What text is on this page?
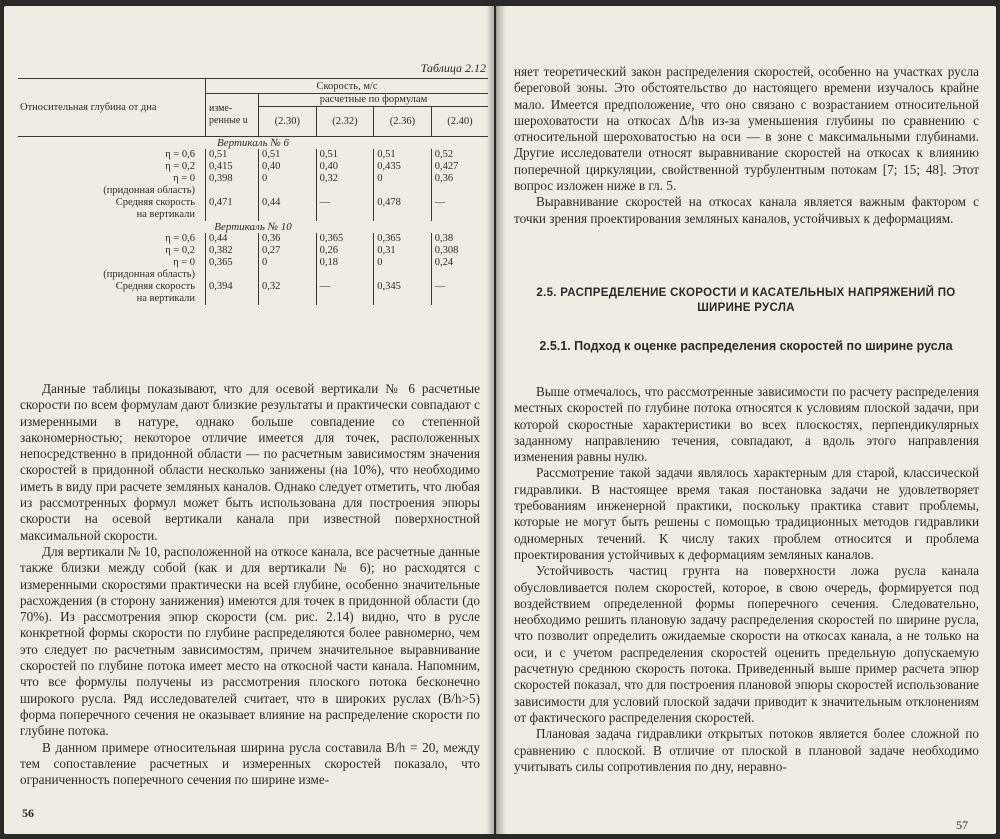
Таблица 2.12
Относительная глубина от дна	Скорость, м/с				
	изме-ренные u	расчетные по формулам			
		(2.30)	(2.32)	(2.36)	(2.40)
Вертикаль № 6					
η = 0,6	0,51	0,51	0,51	0,51	0,52
η = 0,2	0,415	0,40	0,40	0,435	0,427
η = 0	0,398	0	0,32	0	0,36
(придонная область)					
Средняя скорость	0,471	0,44	—	0,478	—
на вертикали					
Вертикаль № 10					
η = 0,6	0,44	0,36	0,365	0,365	0,38
η = 0,2	0,382	0,27	0,26	0,31	0,308
η = 0	0,365	0	0,18	0	0,24
(придонная область)					
Средняя скорость	0,394	0,32	—	0,345	—
на вертикали					

Данные таблицы показывают, что для осевой вертикали № 6 расчетные скорости по всем формулам дают близкие результаты и практически совпадают с измеренными в натуре, однако больше совпадение со степенной закономерностью; некоторое отличие имеется для точек, расположенных непосредственно в придонной области — по расчетным зависимостям значения скоростей в придонной области несколько занижены (на 10%), что необходимо иметь в виду при расчете земляных каналов. Однако следует отметить, что любая из рассмотренных формул может быть использована для построения эпюры скорости на осевой вертикали канала при известной поверхностной максимальной скорости.

Для вертикали № 10, расположенной на откосе канала, все расчетные данные также близки между собой (как и для вертикали № 6); но расходятся с измеренными скоростями практически на всей глубине, особенно значительные расхождения (в сторону занижения) имеются для точек в придонной области (до 70%). Из рассмотрения эпюр скорости (см. рис. 2.14) видно, что в русле конкретной формы скорости по глубине распределяются более равномерно, чем это следует по расчетным зависимостям, причем значительное выравнивание скоростей по глубине потока имеет место на откосной части канала. Напомним, что все формулы получены из рассмотрения плоского потока бесконечно широкого русла. Ряд исследователей считает, что в широких руслах (B/h>5) форма поперечного сечения не оказывает влияние на распределение скорости по глубине потока.

В данном примере относительная ширина русла составила B/h = 20, между тем сопоставление расчетных и измеренных скоростей показало, что ограниченность поперечного сечения по ширине изме-

56

няет теоретический закон распределения скоростей, особенно на участках русла береговой зоны. Это обстоятельство до настоящего времени изучалось крайне мало. Имеется предположение, что оно связано с возрастанием относительной шероховатости на откосах Δ/hв из-за уменьшения глубины по сравнению с относительной шероховатостью на оси — в зоне с максимальными глубинами. Другие исследователи относят выравнивание скоростей на откосах к влиянию поперечной циркуляции, свойственной турбулентным потокам [7; 15; 48]. Этот вопрос изложен ниже в гл. 5.

Выравнивание скоростей на откосах канала является важным фактором с точки зрения проектирования земляных каналов, устойчивых к деформациям.

2.5. РАСПРЕДЕЛЕНИЕ СКОРОСТИ И КАСАТЕЛЬНЫХ НАПРЯЖЕНИЙ ПО ШИРИНЕ РУСЛА
2.5.1. Подход к оценке распределения скоростей по ширине русла

Выше отмечалось, что рассмотренные зависимости по расчету распределения местных скоростей по глубине потока относятся к условиям плоской задачи, при которой скоростные характеристики во всех плоскостях, перпендикулярных заданному направлению течения, совпадают, а вдоль этого направления изменения равны нулю.

Рассмотрение такой задачи являлось характерным для старой, классической гидравлики. В настоящее время такая постановка задачи не удовлетворяет требованиям инженерной практики, поскольку практика ставит проблемы, которые не могут быть решены с помощью традиционных методов гидравлики одномерных течений. К числу таких проблем относится и проблема проектирования устойчивых к деформациям земляных каналов.

Устойчивость частиц грунта на поверхности ложа русла канала обусловливается полем скоростей, которое, в свою очередь, формируется под воздействием определенной формы поперечного сечения. Следовательно, необходимо решить плановую задачу распределения скоростей по ширине русла, что позволит определить ожидаемые скорости на откосах канала, а не только на оси, и с учетом распределения скоростей оценить предельную допускаемую расчетную среднюю скорость потока. Приведенный выше пример расчета эпюр скоростей показал, что для построения плановой эпюры скоростей использование зависимости для условий плоской задачи приводит к значительным отклонениям от фактического распределения скоростей.

Плановая задача гидравлики открытых потоков является более сложной по сравнению с плоской. В отличие от плоской в плановой задаче необходимо учитывать силы сопротивления по дну, неравно-

57
